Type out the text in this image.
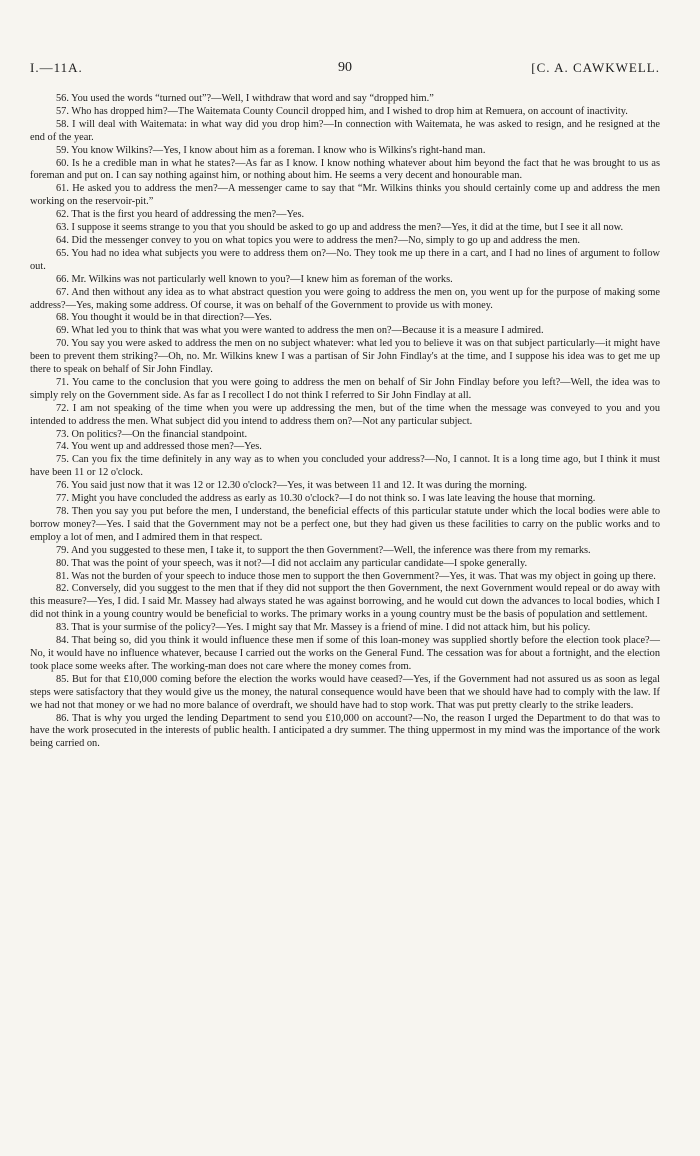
I.—11A.	90	[C. A. CAWKWELL.

56. You used the words “turned out”?—Well, I withdraw that word and say “dropped him.”

57. Who has dropped him?—The Waitemata County Council dropped him, and I wished to drop him at Remuera, on account of inactivity.

58. I will deal with Waitemata: in what way did you drop him?—In connection with Waitemata, he was asked to resign, and he resigned at the end of the year.

59. You know Wilkins?—Yes, I know about him as a foreman. I know who is Wilkins's right-hand man.

60. Is he a credible man in what he states?—As far as I know. I know nothing whatever about him beyond the fact that he was brought to us as foreman and put on. I can say nothing against him, or nothing about him. He seems a very decent and honourable man.

61. He asked you to address the men?—A messenger came to say that “Mr. Wilkins thinks you should certainly come up and address the men working on the reservoir-pit.”

62. That is the first you heard of addressing the men?—Yes.

63. I suppose it seems strange to you that you should be asked to go up and address the men?—Yes, it did at the time, but I see it all now.

64. Did the messenger convey to you on what topics you were to address the men?—No, simply to go up and address the men.

65. You had no idea what subjects you were to address them on?—No. They took me up there in a cart, and I had no lines of argument to follow out.

66. Mr. Wilkins was not particularly well known to you?—I knew him as foreman of the works.

67. And then without any idea as to what abstract question you were going to address the men on, you went up for the purpose of making some address?—Yes, making some address. Of course, it was on behalf of the Government to provide us with money.

68. You thought it would be in that direction?—Yes.

69. What led you to think that was what you were wanted to address the men on?—Because it is a measure I admired.

70. You say you were asked to address the men on no subject whatever: what led you to believe it was on that subject particularly—it might have been to prevent them striking?—Oh, no. Mr. Wilkins knew I was a partisan of Sir John Findlay's at the time, and I suppose his idea was to get me up there to speak on behalf of Sir John Findlay.

71. You came to the conclusion that you were going to address the men on behalf of Sir John Findlay before you left?—Well, the idea was to simply rely on the Government side. As far as I recollect I do not think I referred to Sir John Findlay at all.

72. I am not speaking of the time when you were up addressing the men, but of the time when the message was conveyed to you and you intended to address the men. What subject did you intend to address them on?—Not any particular subject.

73. On politics?—On the financial standpoint.

74. You went up and addressed those men?—Yes.

75. Can you fix the time definitely in any way as to when you concluded your address?—No, I cannot. It is a long time ago, but I think it must have been 11 or 12 o'clock.

76. You said just now that it was 12 or 12.30 o'clock?—Yes, it was between 11 and 12. It was during the morning.

77. Might you have concluded the address as early as 10.30 o'clock?—I do not think so. I was late leaving the house that morning.

78. Then you say you put before the men, I understand, the beneficial effects of this particular statute under which the local bodies were able to borrow money?—Yes. I said that the Government may not be a perfect one, but they had given us these facilities to carry on the public works and to employ a lot of men, and I admired them in that respect.

79. And you suggested to these men, I take it, to support the then Government?—Well, the inference was there from my remarks.

80. That was the point of your speech, was it not?—I did not acclaim any particular candidate—I spoke generally.

81. Was not the burden of your speech to induce those men to support the then Government?—Yes, it was. That was my object in going up there.

82. Conversely, did you suggest to the men that if they did not support the then Government, the next Government would repeal or do away with this measure?—Yes, I did. I said Mr. Massey had always stated he was against borrowing, and he would cut down the advances to local bodies, which I did not think in a young country would be beneficial to works. The primary works in a young country must be the basis of population and settlement.

83. That is your surmise of the policy?—Yes. I might say that Mr. Massey is a friend of mine. I did not attack him, but his policy.

84. That being so, did you think it would influence these men if some of this loan-money was supplied shortly before the election took place?—No, it would have no influence whatever, because I carried out the works on the General Fund. The cessation was for about a fortnight, and the election took place some weeks after. The working-man does not care where the money comes from.

85. But for that £10,000 coming before the election the works would have ceased?—Yes, if the Government had not assured us as soon as legal steps were satisfactory that they would give us the money, the natural consequence would have been that we should have had to comply with the law. If we had not that money or we had no more balance of overdraft, we should have had to stop work. That was put pretty clearly to the strike leaders.

86. That is why you urged the lending Department to send you £10,000 on account?—No, the reason I urged the Department to do that was to have the work prosecuted in the interests of public health. I anticipated a dry summer. The thing uppermost in my mind was the importance of the work being carried on.
